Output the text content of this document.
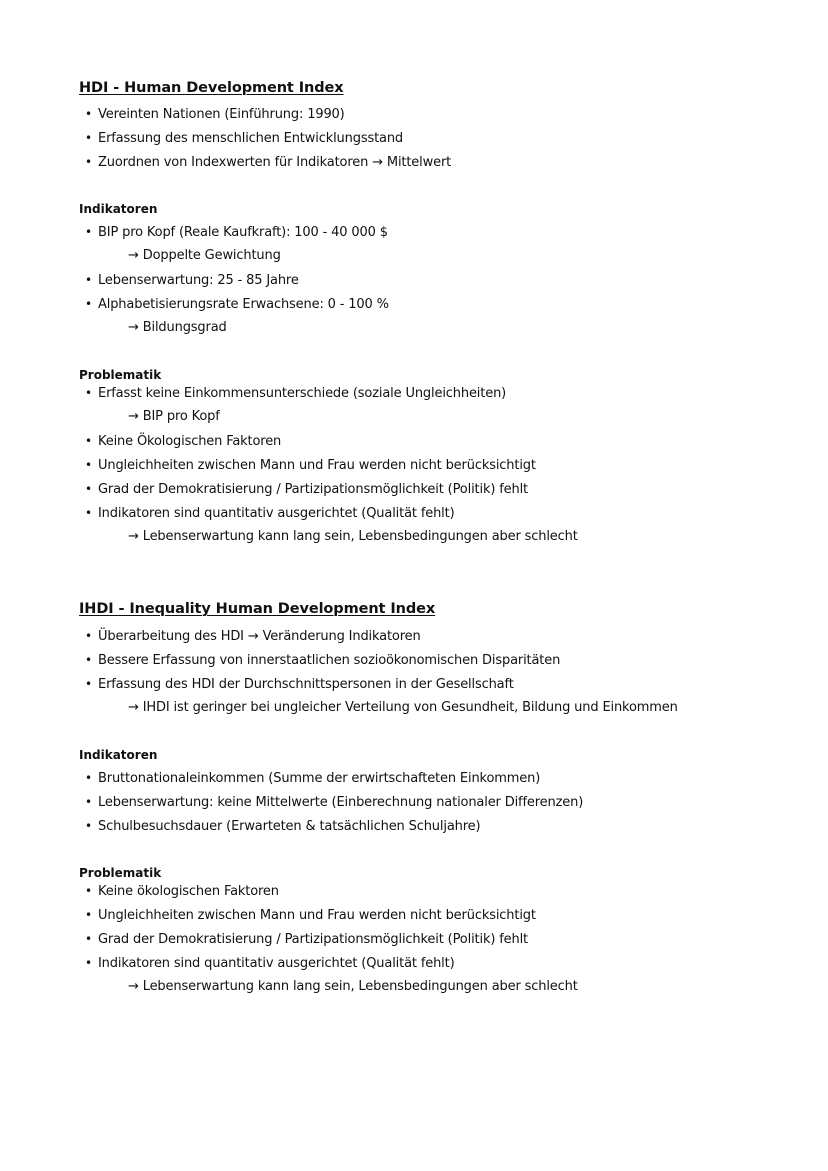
HDI - Human Development Index
• Vereinten Nationen (Einführung: 1990)
• Erfassung des menschlichen Entwicklungsstand
• Zuordnen von Indexwerten für Indikatoren → Mittelwert
Indikatoren
• BIP pro Kopf (Reale Kaufkraft): 100 - 40 000 $
→ Doppelte Gewichtung
• Lebenserwartung: 25 - 85 Jahre
• Alphabetisierungsrate Erwachsene: 0 - 100 %
→ Bildungsgrad
Problematik
• Erfasst keine Einkommensunterschiede (soziale Ungleichheiten)
→ BIP pro Kopf
• Keine Ökologischen Faktoren
• Ungleichheiten zwischen Mann und Frau werden nicht berücksichtigt
• Grad der Demokratisierung / Partizipationsmöglichkeit (Politik) fehlt
• Indikatoren sind quantitativ ausgerichtet (Qualität fehlt)
→ Lebenserwartung kann lang sein, Lebensbedingungen aber schlecht
IHDI - Inequality Human Development Index
• Überarbeitung des HDI → Veränderung Indikatoren
• Bessere Erfassung von innerstaatlichen sozioökonomischen Disparitäten
• Erfassung des HDI der Durchschnittspersonen in der Gesellschaft
→ IHDI ist geringer bei ungleicher Verteilung von Gesundheit, Bildung und Einkommen
Indikatoren
• Bruttonationaleinkommen (Summe der erwirtschafteten Einkommen)
• Lebenserwartung: keine Mittelwerte (Einberechnung nationaler Differenzen)
• Schulbesuchsdauer (Erwarteten & tatsächlichen Schuljahre)
Problematik
• Keine ökologischen Faktoren
• Ungleichheiten zwischen Mann und Frau werden nicht berücksichtigt
• Grad der Demokratisierung / Partizipationsmöglichkeit (Politik) fehlt
• Indikatoren sind quantitativ ausgerichtet (Qualität fehlt)
→ Lebenserwartung kann lang sein, Lebensbedingungen aber schlecht
